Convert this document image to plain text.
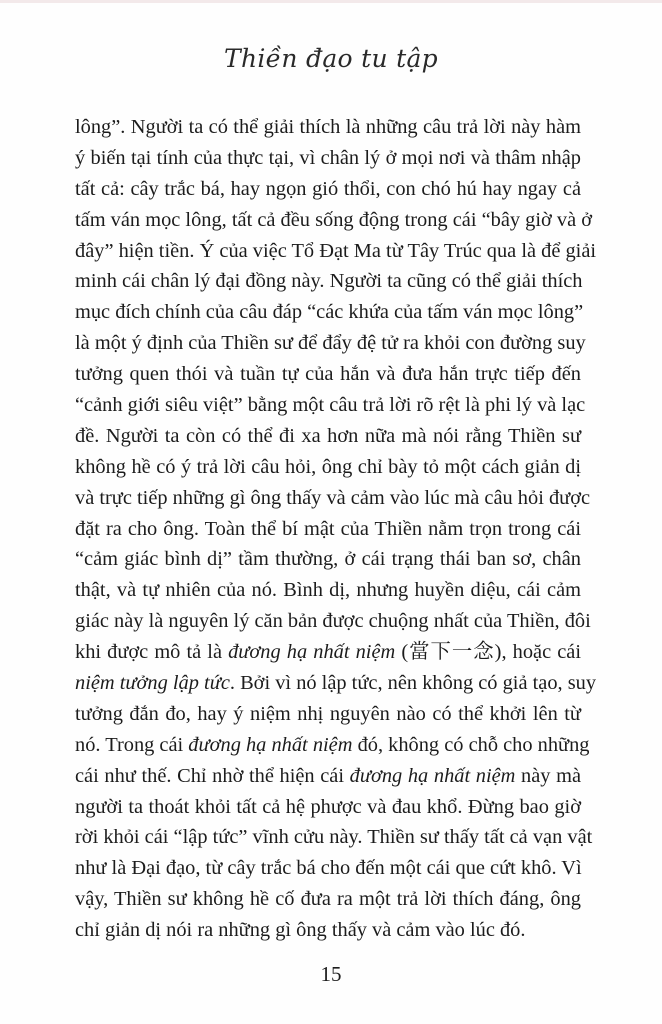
Thiền đạo tu tập
lông”. Người ta có thể giải thích là những câu trả lời này hàm
ý biến tại tính của thực tại, vì chân lý ở mọi nơi và thâm nhập
tất cả: cây trắc bá, hay ngọn gió thổi, con chó hú hay ngay cả
tấm ván mọc lông, tất cả đều sống động trong cái “bây giờ và ở
đây” hiện tiền. Ý của việc Tổ Đạt Ma từ Tây Trúc qua là để giải
minh cái chân lý đại đồng này. Người ta cũng có thể giải thích
mục đích chính của câu đáp “các khứa của tấm ván mọc lông”
là một ý định của Thiền sư để đẩy đệ tử ra khỏi con đường suy
tưởng quen thói và tuần tự của hắn và đưa hắn trực tiếp đến
“cảnh giới siêu việt” bằng một câu trả lời rõ rệt là phi lý và lạc
đề. Người ta còn có thể đi xa hơn nữa mà nói rằng Thiền sư
không hề có ý trả lời câu hỏi, ông chỉ bày tỏ một cách giản dị
và trực tiếp những gì ông thấy và cảm vào lúc mà câu hỏi được
đặt ra cho ông. Toàn thể bí mật của Thiền nằm trọn trong cái
“cảm giác bình dị” tầm thường, ở cái trạng thái ban sơ, chân
thật, và tự nhiên của nó. Bình dị, nhưng huyền diệu, cái cảm
giác này là nguyên lý căn bản được chuộng nhất của Thiền, đôi
khi được mô tả là đương hạ nhất niệm (當下一念), hoặc cái
niệm tưởng lập tức. Bởi vì nó lập tức, nên không có giả tạo, suy
tưởng đắn đo, hay ý niệm nhị nguyên nào có thể khởi lên từ
nó. Trong cái đương hạ nhất niệm đó, không có chỗ cho những
cái như thế. Chỉ nhờ thể hiện cái đương hạ nhất niệm này mà
người ta thoát khỏi tất cả hệ phược và đau khổ. Đừng bao giờ
rời khỏi cái “lập tức” vĩnh cửu này. Thiền sư thấy tất cả vạn vật
như là Đại đạo, từ cây trắc bá cho đến một cái que cứt khô. Vì
vậy, Thiền sư không hề cố đưa ra một trả lời thích đáng, ông
chỉ giản dị nói ra những gì ông thấy và cảm vào lúc đó.
15
